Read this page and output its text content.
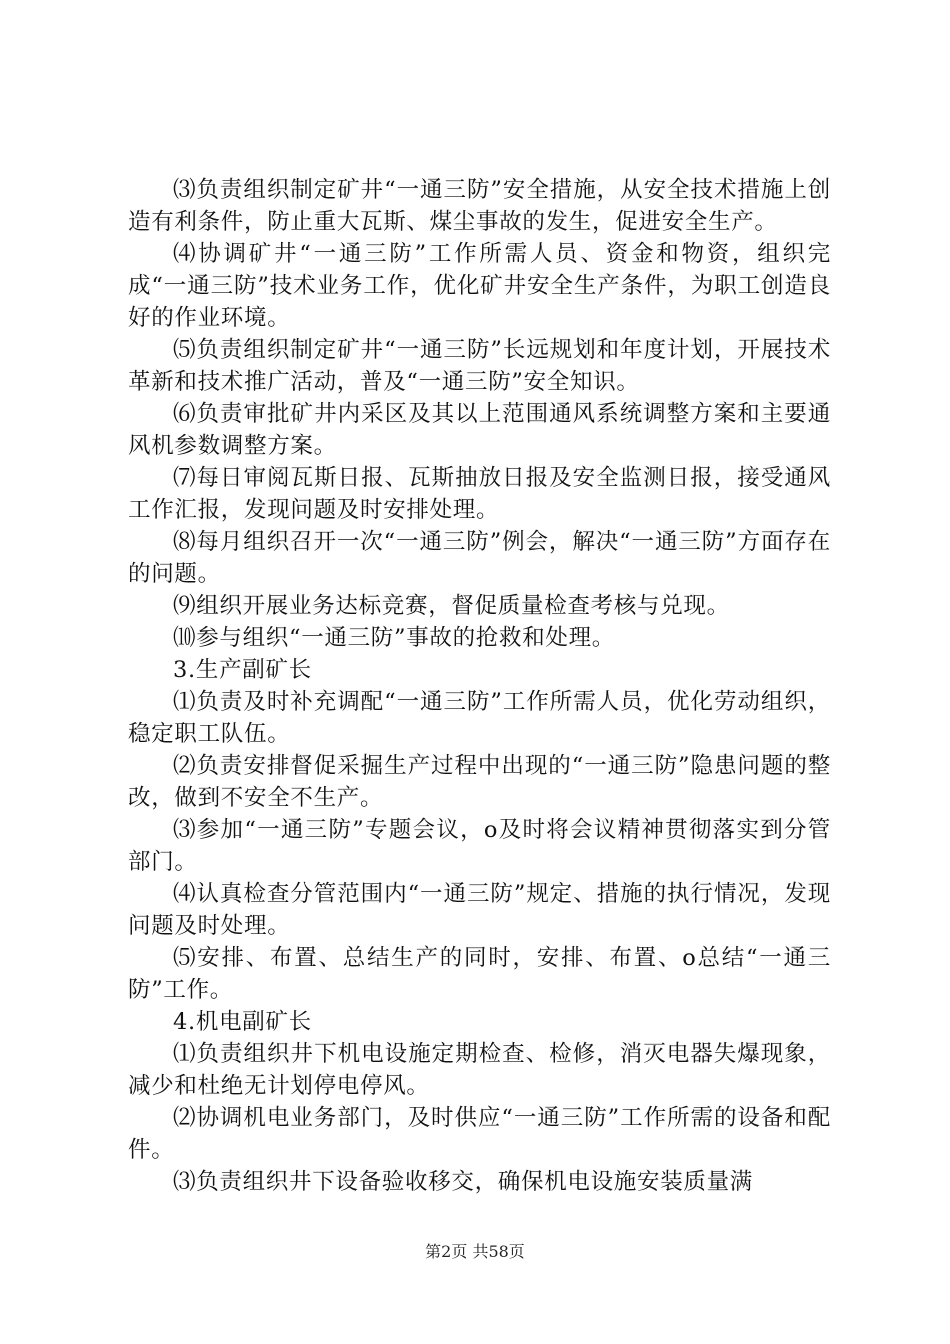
⑶负责组织制定矿井“一通三防”安全措施，从安全技术措施上创造有利条件，防止重大瓦斯、煤尘事故的发生，促进安全生产。

⑷协调矿井“一通三防”工作所需人员、资金和物资，组织完成“一通三防”技术业务工作，优化矿井安全生产条件，为职工创造良好的作业环境。

⑸负责组织制定矿井“一通三防”长远规划和年度计划，开展技术革新和技术推广活动，普及“一通三防”安全知识。

⑹负责审批矿井内采区及其以上范围通风系统调整方案和主要通风机参数调整方案。

⑺每日审阅瓦斯日报、瓦斯抽放日报及安全监测日报，接受通风工作汇报，发现问题及时安排处理。

⑻每月组织召开一次“一通三防”例会，解决“一通三防”方面存在的问题。

⑼组织开展业务达标竞赛，督促质量检查考核与兑现。

⑽参与组织“一通三防”事故的抢救和处理。

3.生产副矿长

⑴负责及时补充调配“一通三防”工作所需人员，优化劳动组织，稳定职工队伍。

⑵负责安排督促采掘生产过程中出现的“一通三防”隐患问题的整改，做到不安全不生产。

⑶参加“一通三防”专题会议，o及时将会议精神贯彻落实到分管部门。

⑷认真检查分管范围内“一通三防”规定、措施的执行情况，发现问题及时处理。

⑸安排、布置、总结生产的同时，安排、布置、o总结“一通三防”工作。

4.机电副矿长

⑴负责组织井下机电设施定期检查、检修，消灭电器失爆现象，减少和杜绝无计划停电停风。

⑵协调机电业务部门，及时供应“一通三防”工作所需的设备和配件。

⑶负责组织井下设备验收移交，确保机电设施安装质量满

第2页 共58页
